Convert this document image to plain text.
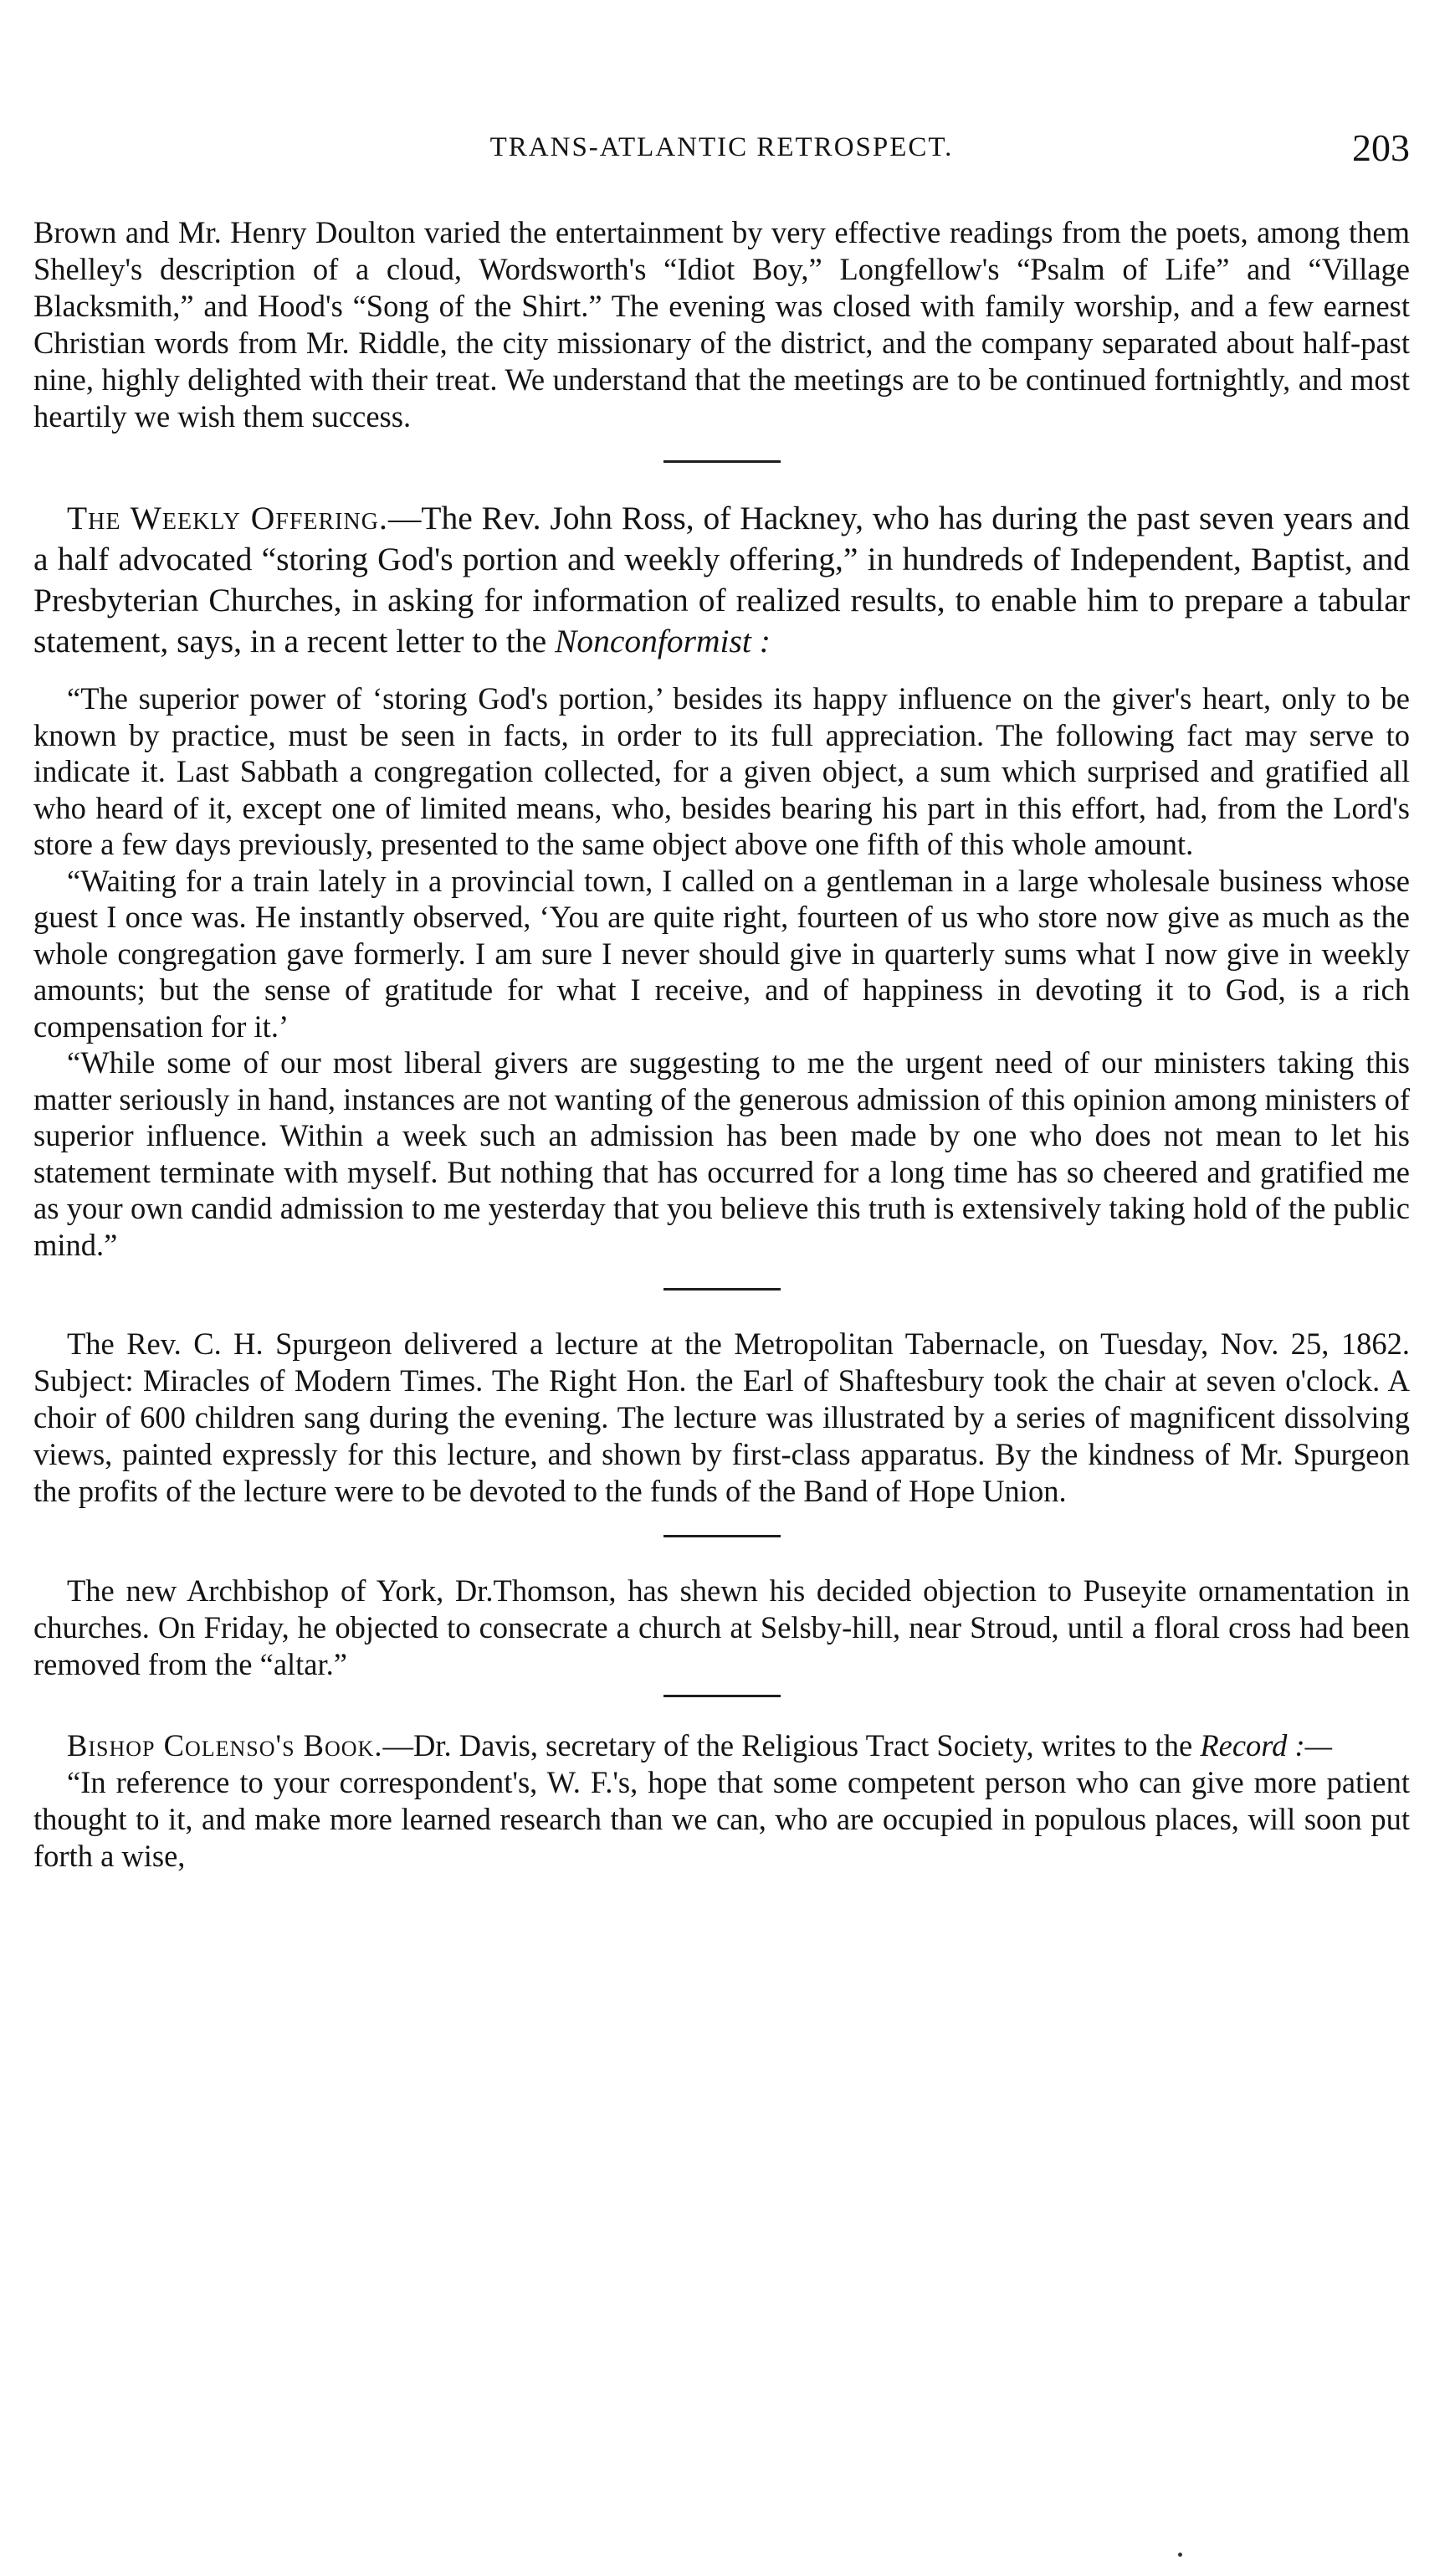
TRANS-ATLANTIC RETROSPECT.	203

Brown and Mr. Henry Doulton varied the entertainment by very effective readings from the poets, among them Shelley's description of a cloud, Wordsworth's “Idiot Boy,” Longfellow's “Psalm of Life” and “Village Blacksmith,” and Hood's “Song of the Shirt.” The evening was closed with family worship, and a few earnest Christian words from Mr. Riddle, the city missionary of the district, and the company separated about half-past nine, highly delighted with their treat. We understand that the meetings are to be continued fortnightly, and most heartily we wish them success.

The Weekly Offering.—The Rev. John Ross, of Hackney, who has during the past seven years and a half advocated “storing God's portion and weekly offering,” in hundreds of Independent, Baptist, and Presbyterian Churches, in asking for information of realized results, to enable him to prepare a tabular statement, says, in a recent letter to the Nonconformist :

“The superior power of ‘storing God's portion,’ besides its happy influence on the giver's heart, only to be known by practice, must be seen in facts, in order to its full appreciation. The following fact may serve to indicate it. Last Sabbath a congregation collected, for a given object, a sum which surprised and gratified all who heard of it, except one of limited means, who, besides bearing his part in this effort, had, from the Lord's store a few days previously, presented to the same object above one fifth of this whole amount.

“Waiting for a train lately in a provincial town, I called on a gentleman in a large wholesale business whose guest I once was. He instantly observed, ‘You are quite right, fourteen of us who store now give as much as the whole congregation gave formerly. I am sure I never should give in quarterly sums what I now give in weekly amounts; but the sense of gratitude for what I receive, and of happiness in devoting it to God, is a rich compensation for it.’

“While some of our most liberal givers are suggesting to me the urgent need of our ministers taking this matter seriously in hand, instances are not wanting of the generous admission of this opinion among ministers of superior influence. Within a week such an admission has been made by one who does not mean to let his statement terminate with myself. But nothing that has occurred for a long time has so cheered and gratified me as your own candid admission to me yesterday that you believe this truth is extensively taking hold of the public mind.”

The Rev. C. H. Spurgeon delivered a lecture at the Metropolitan Tabernacle, on Tuesday, Nov. 25, 1862. Subject: Miracles of Modern Times. The Right Hon. the Earl of Shaftesbury took the chair at seven o'clock. A choir of 600 children sang during the evening. The lecture was illustrated by a series of magnificent dissolving views, painted expressly for this lecture, and shown by first-class apparatus. By the kindness of Mr. Spurgeon the profits of the lecture were to be devoted to the funds of the Band of Hope Union.

The new Archbishop of York, Dr.Thomson, has shewn his decided objection to Puseyite ornamentation in churches. On Friday, he objected to consecrate a church at Selsby-hill, near Stroud, until a floral cross had been removed from the “altar.”

Bishop Colenso's Book.—Dr. Davis, secretary of the Religious Tract Society, writes to the Record :—

“In reference to your correspondent's, W. F.'s, hope that some competent person who can give more patient thought to it, and make more learned research than we can, who are occupied in populous places, will soon put forth a wise,
